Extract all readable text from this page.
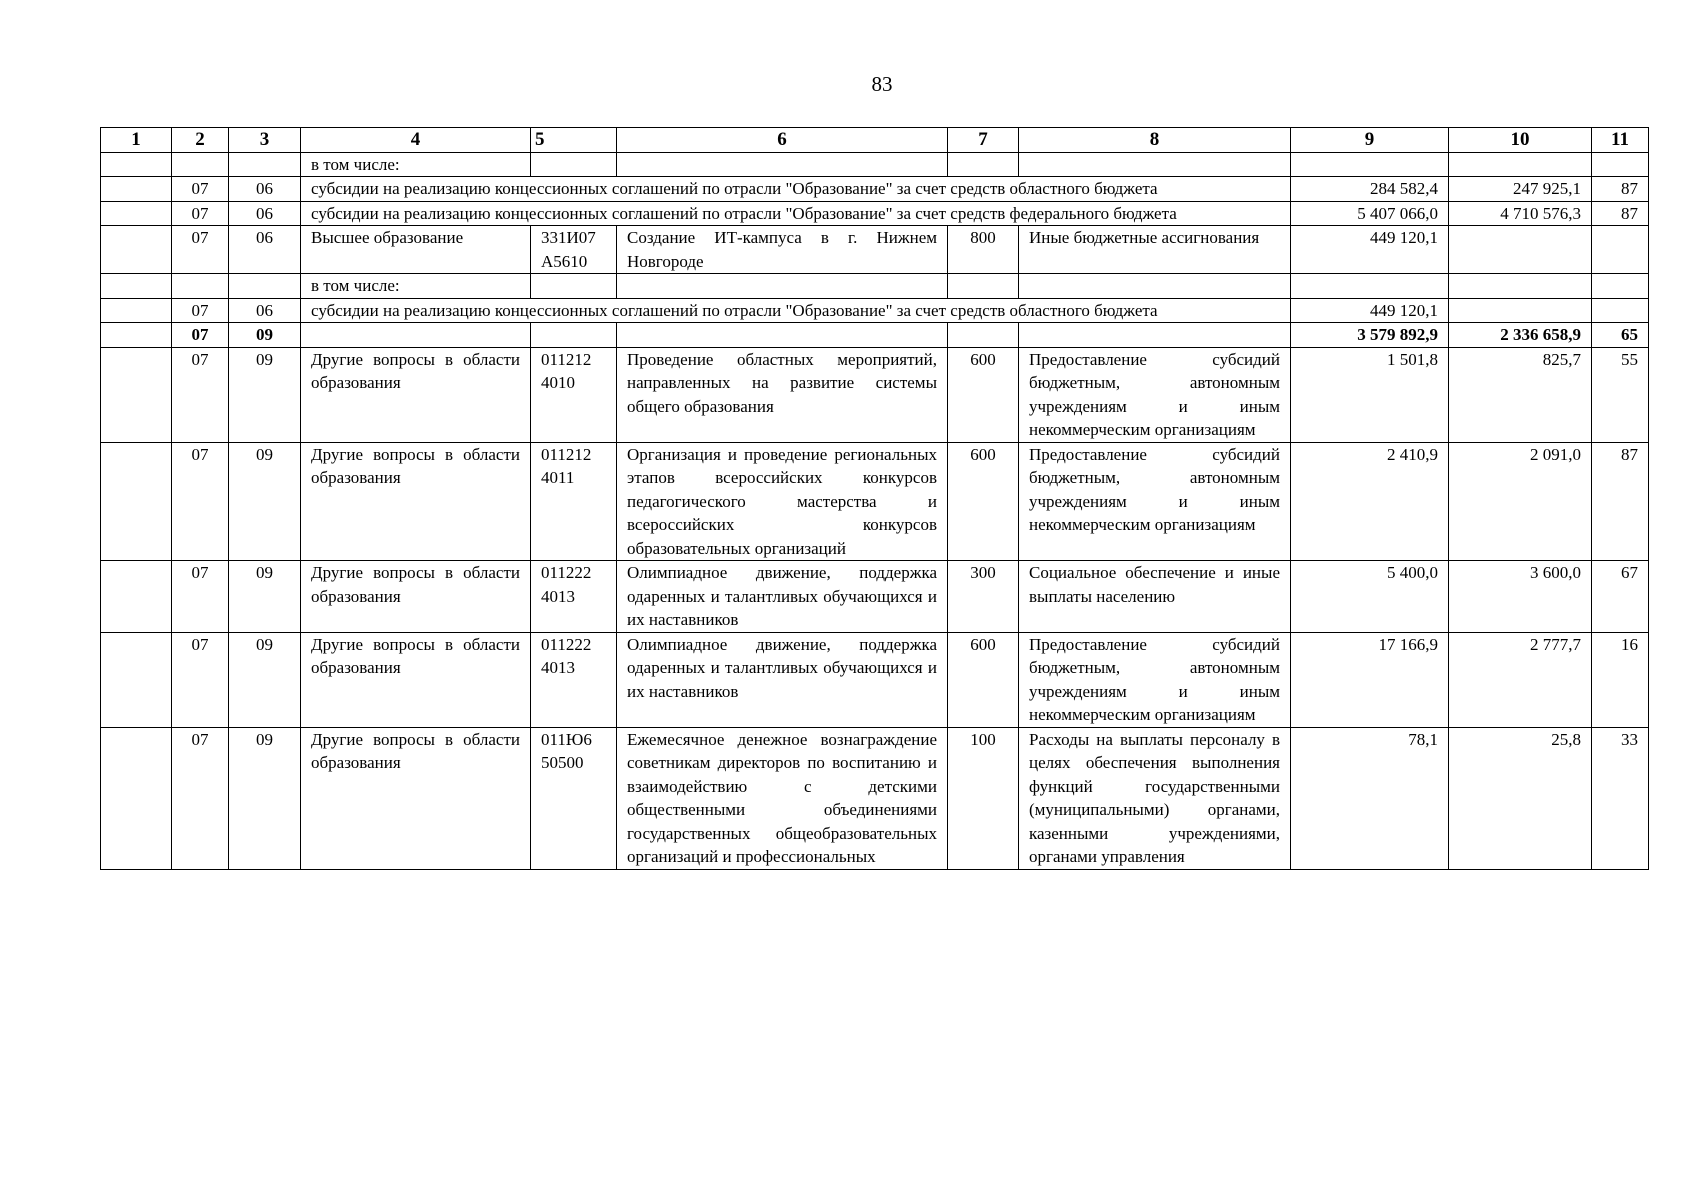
83
1	2	3	4	5	6	7	8	9	10	11
			в том числе:							
	07	06	субсидии на реализацию концессионных соглашений по отрасли "Образование" за счет средств областного бюджета					284 582,4	247 925,1	87
	07	06	субсидии на реализацию концессионных соглашений по отрасли "Образование" за счет средств федерального бюджета					5 407 066,0	4 710 576,3	87
	07	06	Высшее образование	331И07 А5610	Создание ИТ-кампуса в г. Нижнем Новгороде	800	Иные бюджетные ассигнования	449 120,1		
			в том числе:							
	07	06	субсидии на реализацию концессионных соглашений по отрасли "Образование" за счет средств областного бюджета					449 120,1		
	07	09						3 579 892,9	2 336 658,9	65
	07	09	Другие вопросы в области образования	011212 4010	Проведение областных мероприятий, направленных на развитие системы общего образования	600	Предоставление субсидий бюджетным, автономным учреждениям и иным некоммерческим организациям	1 501,8	825,7	55
	07	09	Другие вопросы в области образования	011212 4011	Организация и проведение региональных этапов всероссийских конкурсов педагогического мастерства и всероссийских конкурсов образовательных организаций	600	Предоставление субсидий бюджетным, автономным учреждениям и иным некоммерческим организациям	2 410,9	2 091,0	87
	07	09	Другие вопросы в области образования	011222 4013	Олимпиадное движение, поддержка одаренных и талантливых обучающихся и их наставников	300	Социальное обеспечение и иные выплаты населению	5 400,0	3 600,0	67
	07	09	Другие вопросы в области образования	011222 4013	Олимпиадное движение, поддержка одаренных и талантливых обучающихся и их наставников	600	Предоставление субсидий бюджетным, автономным учреждениям и иным некоммерческим организациям	17 166,9	2 777,7	16
	07	09	Другие вопросы в области образования	011Ю6 50500	Ежемесячное денежное вознаграждение советникам директоров по воспитанию и взаимодействию с детскими общественными объединениями государственных общеобразовательных организаций и профессиональных	100	Расходы на выплаты персоналу в целях обеспечения выполнения функций государственными (муниципальными) органами, казенными учреждениями, органами управления	78,1	25,8	33
